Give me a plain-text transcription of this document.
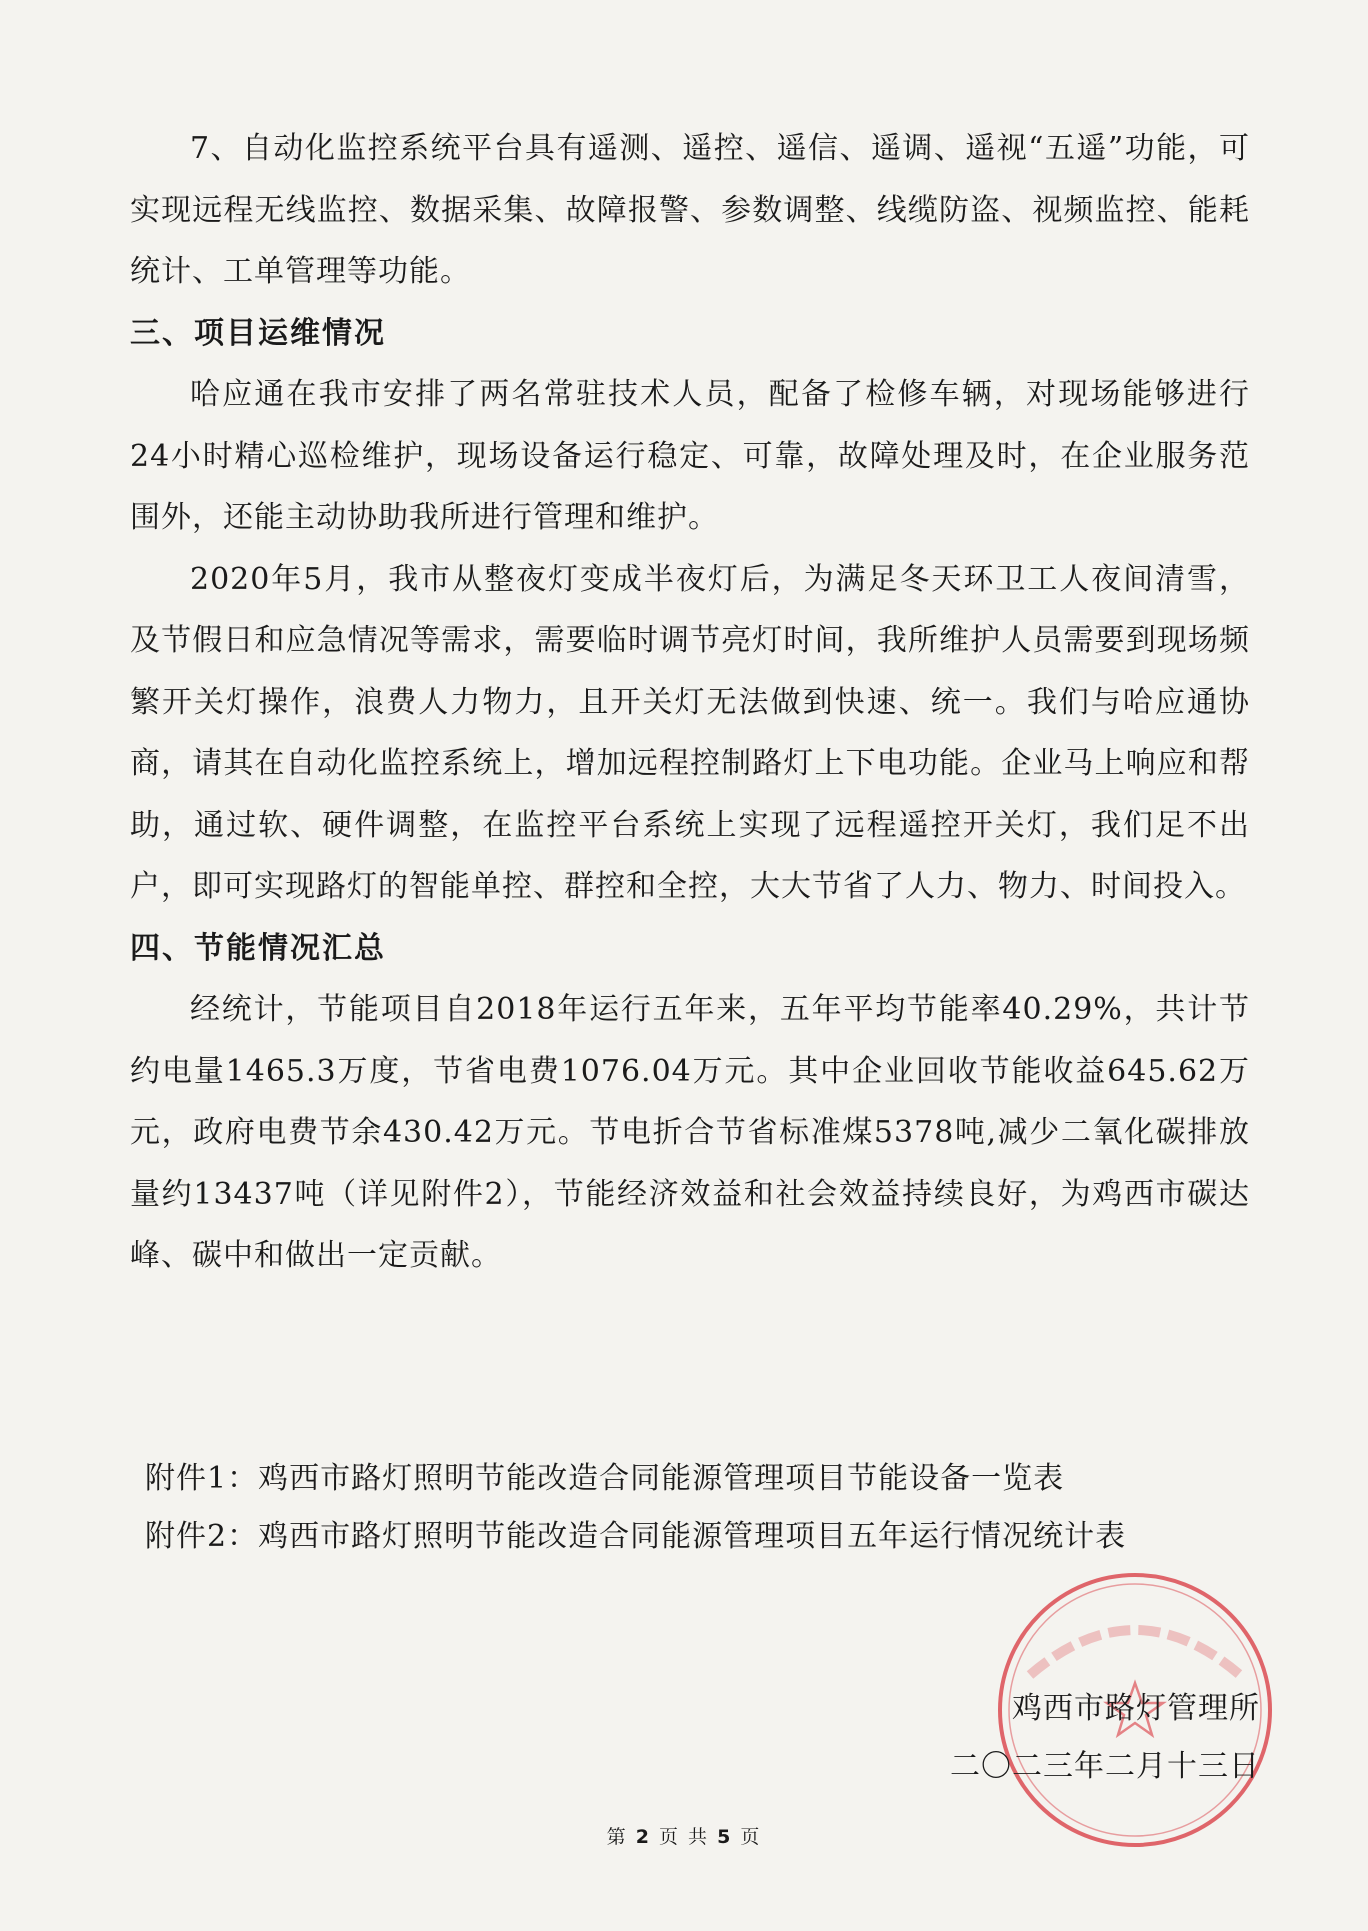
7、自动化监控系统平台具有遥测、遥控、遥信、遥调、遥视“五遥”功能，可实现远程无线监控、数据采集、故障报警、参数调整、线缆防盗、视频监控、能耗统计、工单管理等功能。

三、项目运维情况

哈应通在我市安排了两名常驻技术人员，配备了检修车辆，对现场能够进行24小时精心巡检维护，现场设备运行稳定、可靠，故障处理及时，在企业服务范围外，还能主动协助我所进行管理和维护。

2020年5月，我市从整夜灯变成半夜灯后，为满足冬天环卫工人夜间清雪，及节假日和应急情况等需求，需要临时调节亮灯时间，我所维护人员需要到现场频繁开关灯操作，浪费人力物力，且开关灯无法做到快速、统一。我们与哈应通协商，请其在自动化监控系统上，增加远程控制路灯上下电功能。企业马上响应和帮助，通过软、硬件调整，在监控平台系统上实现了远程遥控开关灯，我们足不出户，即可实现路灯的智能单控、群控和全控，大大节省了人力、物力、时间投入。

四、节能情况汇总

经统计，节能项目自2018年运行五年来，五年平均节能率40.29%，共计节约电量1465.3万度，节省电费1076.04万元。其中企业回收节能收益645.62万元，政府电费节余430.42万元。节电折合节省标准煤5378吨,减少二氧化碳排放量约13437吨（详见附件2），节能经济效益和社会效益持续良好，为鸡西市碳达峰、碳中和做出一定贡献。

附件1：鸡西市路灯照明节能改造合同能源管理项目节能设备一览表

附件2：鸡西市路灯照明节能改造合同能源管理项目五年运行情况统计表

鸡西市路灯管理所

二〇二三年二月十三日

第 2 页 共 5 页
